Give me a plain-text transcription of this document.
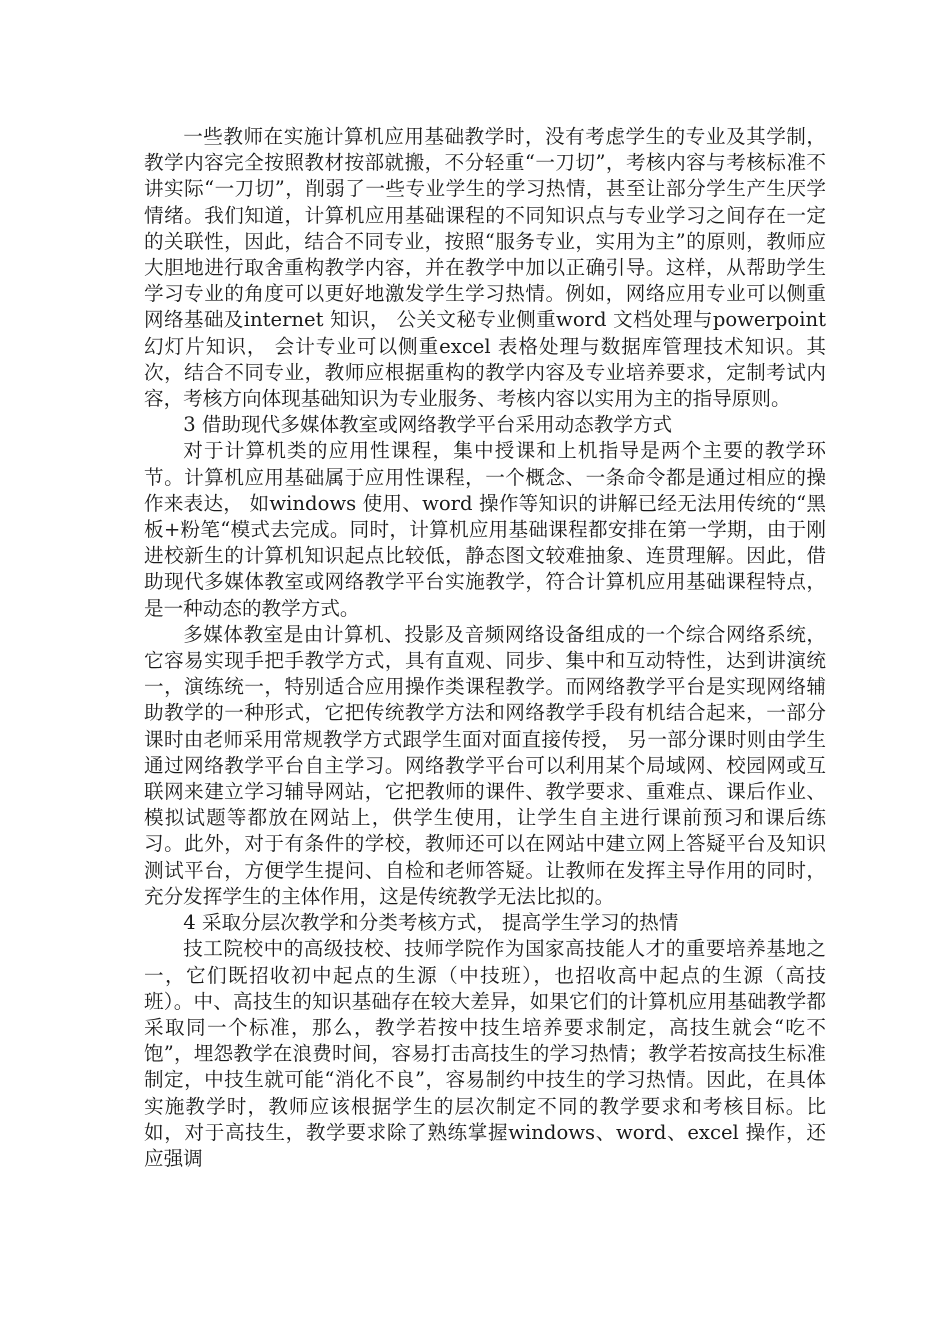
一些教师在实施计算机应用基础教学时，没有考虑学生的专业及其学制，教学内容完全按照教材按部就搬，不分轻重“一刀切”，考核内容与考核标准不讲实际“一刀切”，削弱了一些专业学生的学习热情，甚至让部分学生产生厌学情绪。我们知道，计算机应用基础课程的不同知识点与专业学习之间存在一定的关联性，因此，结合不同专业，按照“服务专业，实用为主”的原则，教师应大胆地进行取舍重构教学内容，并在教学中加以正确引导。这样，从帮助学生学习专业的角度可以更好地激发学生学习热情。例如，网络应用专业可以侧重网络基础及internet 知识， 公关文秘专业侧重word 文档处理与powerpoint 幻灯片知识， 会计专业可以侧重excel 表格处理与数据库管理技术知识。其次，结合不同专业，教师应根据重构的教学内容及专业培养要求，定制考试内容，考核方向体现基础知识为专业服务、考核内容以实用为主的指导原则。

3 借助现代多媒体教室或网络教学平台采用动态教学方式

对于计算机类的应用性课程，集中授课和上机指导是两个主要的教学环节。计算机应用基础属于应用性课程，一个概念、一条命令都是通过相应的操作来表达， 如windows 使用、word 操作等知识的讲解已经无法用传统的“黑板+粉笔“模式去完成。同时，计算机应用基础课程都安排在第一学期，由于刚进校新生的计算机知识起点比较低，静态图文较难抽象、连贯理解。因此，借助现代多媒体教室或网络教学平台实施教学，符合计算机应用基础课程特点，是一种动态的教学方式。

多媒体教室是由计算机、投影及音频网络设备组成的一个综合网络系统，它容易实现手把手教学方式，具有直观、同步、集中和互动特性，达到讲演统一，演练统一，特别适合应用操作类课程教学。而网络教学平台是实现网络辅助教学的一种形式，它把传统教学方法和网络教学手段有机结合起来，一部分课时由老师采用常规教学方式跟学生面对面直接传授， 另一部分课时则由学生通过网络教学平台自主学习。网络教学平台可以利用某个局域网、校园网或互联网来建立学习辅导网站，它把教师的课件、教学要求、重难点、课后作业、模拟试题等都放在网站上，供学生使用，让学生自主进行课前预习和课后练习。此外，对于有条件的学校，教师还可以在网站中建立网上答疑平台及知识测试平台，方便学生提问、自检和老师答疑。让教师在发挥主导作用的同时，充分发挥学生的主体作用，这是传统教学无法比拟的。

4 采取分层次教学和分类考核方式， 提高学生学习的热情

技工院校中的高级技校、技师学院作为国家高技能人才的重要培养基地之一，它们既招收初中起点的生源（中技班），也招收高中起点的生源（高技班）。中、高技生的知识基础存在较大差异，如果它们的计算机应用基础教学都采取同一个标准，那么，教学若按中技生培养要求制定，高技生就会“吃不饱”，埋怨教学在浪费时间，容易打击高技生的学习热情；教学若按高技生标准制定，中技生就可能“消化不良”，容易制约中技生的学习热情。因此，在具体实施教学时，教师应该根据学生的层次制定不同的教学要求和考核目标。比如，对于高技生，教学要求除了熟练掌握windows、word、excel 操作，还应强调
